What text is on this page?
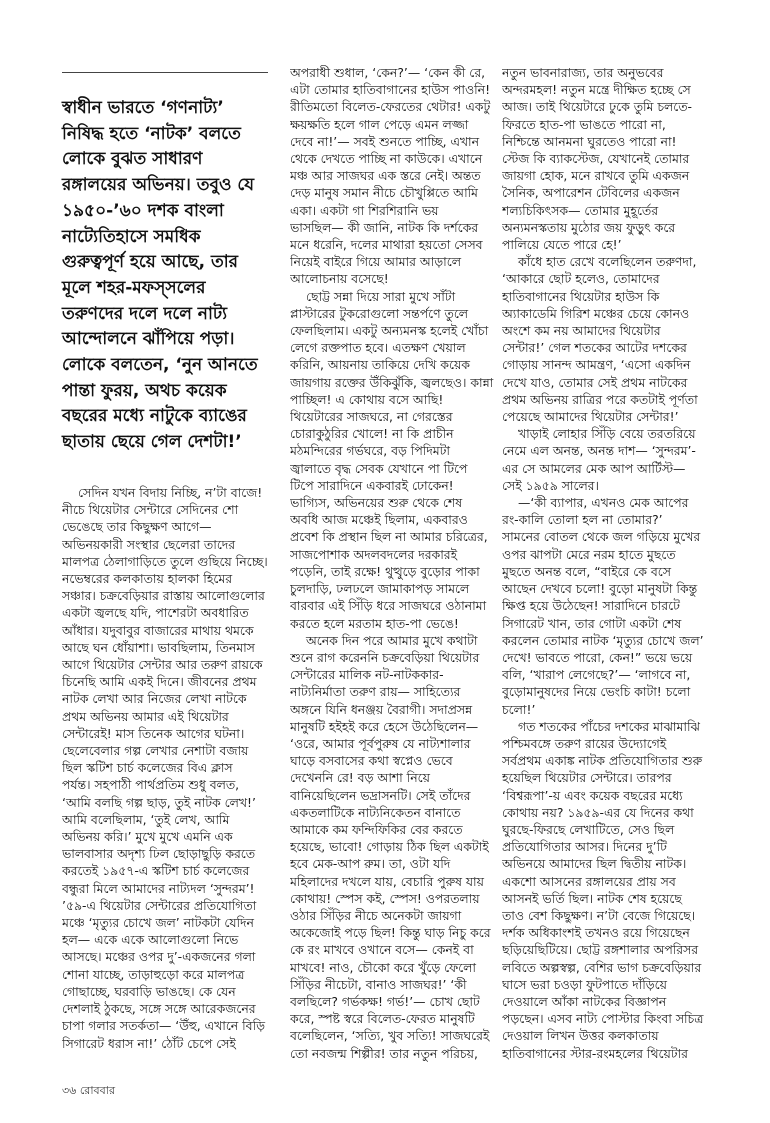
স্বাধীন ভারতে ‘গণনাট্য’
নিষিদ্ধ হতে ‘নাটক’ বলতে
লোকে বুঝত সাধারণ
রঙ্গালয়ের অভিনয়। তবুও যে
১৯৫০-’৬০ দশক বাংলা
নাট্যেতিহাসে সমধিক
গুরুত্বপূর্ণ হয়ে আছে, তার
মূলে শহর-মফস্‌সলের
তরুণদের দলে দলে নাট্য
আন্দোলনে ঝাঁপিয়ে পড়া।
লোকে বলতেন, ‘নুন আনতে
পান্তা ফুরয়, অথচ কয়েক
বছরের মধ্যে নাটুকে ব্যাঙের
ছাতায় ছেয়ে গেল দেশটা!’
সেদিন যখন বিদায় নিচ্ছি, ন’টা বাজে!
নীচে থিয়েটার সেন্টারে সেদিনের শো
ভেঙেছে তার কিছুক্ষণ আগে—
অভিনয়কারী সংস্থার ছেলেরা তাদের
মালপত্র ঠেলাগাড়িতে তুলে গুছিয়ে নিচ্ছে।
নভেম্বরের কলকাতায় হালকা হিমের
সঞ্চার। চক্রবেড়িয়ার রাস্তায় আলোগুলোর
একটা জ্বলছে যদি, পাশেরটা অবধারিত
আঁধার। যদুবাবুর বাজারের মাথায় থমকে
আছে ঘন ধোঁয়াশা। ভাবছিলাম, তিনমাস
আগে থিয়েটার সেন্টার আর তরুণ রায়কে
চিনেছি আমি একই দিনে। জীবনের প্রথম
নাটক লেখা আর নিজের লেখা নাটকে
প্রথম অভিনয় আমার এই থিয়েটার
সেন্টারেই! মাস তিনেক আগের ঘটনা।
ছেলেবেলার গল্প লেখার নেশাটা বজায়
ছিল স্কটিশ চার্চ কলেজের বিএ ক্লাস
পর্যন্ত। সহপাঠী পার্থপ্রতিম শুধু বলত,
‘আমি বলছি গল্প ছাড়, তুই নাটক লেখ!’
আমি বলেছিলাম, ‘তুই লেখ, আমি
অভিনয় করি।’ মুখে মুখে এমনি এক
ভালবাসার অদৃশ্য ঢিল ছোড়াছুড়ি করতে
করতেই ১৯৫৭-এ স্কটিশ চার্চ কলেজের
বন্ধুরা মিলে আমাদের নাট্যদল ‘সুন্দরম’!
’৫৯-এ থিয়েটার সেন্টারের প্রতিযোগিতা
মঞ্চে ‘মৃত্যুর চোখে জল’ নাটকটা যেদিন
হল— একে একে আলোগুলো নিভে
আসছে। মঞ্চের ওপর দু’-একজনের গলা
শোনা যাচ্ছে, তাড়াহুড়ো করে মালপত্র
গোছাচ্ছে, ঘরবাড়ি ভাঙছে। কে যেন
দেশলাই ঠুকছে, সঙ্গে সঙ্গে আরেকজনের
চাপা গলার সতর্কতা— ‘উঁহু, এখানে বিড়ি
সিগারেট ধরাস না!’ ঠোঁট চেপে সেই
অপরাধী শুধাল, ‘কেন?’— ‘কেন কী রে,
এটা তোমার হাতিবাগানের হাউস পাওনি!
রীতিমতো বিলেত-ফেরতের থেটার! একটু
ক্ষয়ক্ষতি হলে গাল পেড়ে এমন লজ্জা
দেবে না!’— সবই শুনতে পাচ্ছি, এখান
থেকে দেখতে পাচ্ছি না কাউকে। এখানে
মঞ্চ আর সাজঘর এক স্তরে নেই। অন্তত
দেড় মানুষ সমান নীচে চৌখুপ্পিতে আমি
একা। একটা গা শিরশিরানি ভয়
ভাসছিল— কী জানি, নাটক কি দর্শকের
মনে ধরেনি, দলের মাথারা হয়তো সেসব
নিয়েই বাইরে গিয়ে আমার আড়ালে
আলোচনায় বসেছে!
ছোট্ট সন্না দিয়ে সারা মুখে সাঁটা
প্লাস্টারের টুকরোগুলো সন্তর্পণে তুলে
ফেলছিলাম। একটু অন্যমনস্ক হলেই খোঁচা
লেগে রক্তপাত হবে। এতক্ষণ খেয়াল
করিনি, আয়নায় তাকিয়ে দেখি কয়েক
জায়গায় রক্তের উঁকিঝুঁকি, জ্বলছেও। কান্না
পাচ্ছিল! এ কোথায় বসে আছি!
থিয়েটারের সাজঘরে, না গেরস্তের
চোরাকুঠুরির খোলে! না কি প্রাচীন
মঠমন্দিরের গর্ভঘরে, বড় পিদিমটা
জ্বালাতে বৃদ্ধ সেবক যেখানে পা টিপে
টিপে সারাদিনে একবারই ঢোকেন!
ভাগ্যিস, অভিনয়ের শুরু থেকে শেষ
অবধি আজ মঞ্চেই ছিলাম, একবারও
প্রবেশ কি প্রস্থান ছিল না আমার চরিত্রের,
সাজপোশাক অদলবদলের দরকারই
পড়েনি, তাই রক্ষে! থুত্থুড়ে বুড়োর পাকা
চুলদাড়ি, ঢলঢলে জামাকাপড় সামলে
বারবার এই সিঁড়ি ধরে সাজঘরে ওঠানামা
করতে হলে মরতাম হাত-পা ভেঙে!
অনেক দিন পরে আমার মুখে কথাটা
শুনে রাগ করেননি চক্রবেড়িয়া থিয়েটার
সেন্টারের মালিক নট-নাটককার-
নাট্যনির্মাতা তরুণ রায়— সাহিত্যের
অঙ্গনে যিনি ধনঞ্জয় বৈরাগী। সদাপ্রসন্ন
মানুষটি হইহই করে হেসে উঠেছিলেন—
‘ওরে, আমার পূর্বপুরুষ যে নাট্যশালার
ঘাড়ে বসবাসের কথা স্বপ্নেও ভেবে
দেখেননি রে! বড় আশা নিয়ে
বানিয়েছিলেন ভদ্রাসনটি। সেই তাঁদের
একতলাটিকে নাট্যনিকেতন বানাতে
আমাকে কম ফন্দিফিকির বের করতে
হয়েছে, ভাবো! গোড়ায় ঠিক ছিল একটাই
হবে মেক-আপ রুম। তা, ওটা যদি
মহিলাদের দখলে যায়, বেচারি পুরুষ যায়
কোথায়! স্পেস কই, স্পেস! ওপরতলায়
ওঠার সিঁড়ির নীচে অনেকটা জায়গা
অকেজোই পড়ে ছিল! কিন্তু ঘাড় নিচু করে
কে রং মাখবে ওখানে বসে— কেনই বা
মাখবে! নাও, চৌকো করে খুঁড়ে ফেলো
সিঁড়ির নীচেটা, বানাও সাজঘর!’ ‘কী
বলছিলে? গর্ভকক্ষ! গর্ভ!’— চোখ ছোট
করে, স্পষ্ট স্বরে বিলেত-ফেরত মানুষটি
বলেছিলেন, ‘সত্যি, খুব সত্যি! সাজঘরেই
তো নবজন্ম শিল্পীর! তার নতুন পরিচয়,
নতুন ভাবনারাজ্য, তার অনুভবের
অন্দরমহল! নতুন মন্ত্রে দীক্ষিত হচ্ছে সে
আজ। তাই থিয়েটারে ঢুকে তুমি চলতে-
ফিরতে হাত-পা ভাঙতে পারো না,
নিশ্চিন্তে আনমনা ঘুরতেও পারো না!
স্টেজ কি ব্যাকস্টেজ, যেখানেই তোমার
জায়গা হোক, মনে রাখবে তুমি একজন
সৈনিক, অপারেশন টেবিলের একজন
শল্যচিকিৎসক— তোমার মুহূর্তের
অন্যমনস্কতায় মুঠোর জয় ফুড়ুৎ করে
পালিয়ে যেতে পারে হে!’
কাঁধে হাত রেখে বলেছিলেন তরুণদা,
‘আকারে ছোট হলেও, তোমাদের
হাতিবাগানের থিয়েটার হাউস কি
অ্যাকাডেমি গিরিশ মঞ্চের চেয়ে কোনও
অংশে কম নয় আমাদের থিয়েটার
সেন্টার!’ গেল শতকের আটের দশকের
গোড়ায় সানন্দ আমন্ত্রণ, ‘এসো একদিন
দেখে যাও, তোমার সেই প্রথম নাটকের
প্রথম অভিনয় রাত্রির পরে কতটাই পূর্ণতা
পেয়েছে আমাদের থিয়েটার সেন্টার!’
খাড়াই লোহার সিঁড়ি বেয়ে তরতরিয়ে
নেমে এল অনন্ত, অনন্ত দাশ— ‘সুন্দরম’-
এর সে আমলের মেক আপ আর্টিস্ট—
সেই ১৯৫৯ সালের।
—‘কী ব্যাপার, এখনও মেক আপের
রং-কালি তোলা হল না তোমার?’
সামনের বোতল থেকে জল গড়িয়ে মুখের
ওপর ঝাপটা মেরে নরম হাতে মুছতে
মুছতে অনন্ত বলে, “বাইরে কে বসে
আছেন দেখবে চলো! বুড়ো মানুষটা কিন্তু
ক্ষিপ্ত হয়ে উঠেছেন! সারাদিনে চারটে
সিগারেট খান, তার গোটা একটা শেষ
করলেন তোমার নাটক ‘মৃত্যুর চোখে জল’
দেখে! ভাবতে পারো, কেন!” ভয়ে ভয়ে
বলি, ‘খারাপ লেগেছে?’— ‘লাগবে না,
বুড়োমানুষদের নিয়ে ভেংচি কাটা! চলো
চলো!’
গত শতকের পাঁচের দশকের মাঝামাঝি
পশ্চিমবঙ্গে তরুণ রায়ের উদ্যোগেই
সর্বপ্রথম একাঙ্ক নাটক প্রতিযোগিতার শুরু
হয়েছিল থিয়েটার সেন্টারে। তারপর
‘বিশ্বরূপা’-য় এবং কয়েক বছরের মধ্যে
কোথায় নয়? ১৯৫৯-এর যে দিনের কথা
ঘুরছে-ফিরছে লেখাটিতে, সেও ছিল
প্রতিযোগিতার আসর। দিনের দু’টি
অভিনয়ে আমাদের ছিল দ্বিতীয় নাটক।
একশো আসনের রঙ্গালয়ের প্রায় সব
আসনই ভর্তি ছিল। নাটক শেষ হয়েছে
তাও বেশ কিছুক্ষণ। ন’টা বেজে গিয়েছে।
দর্শক অধিকাংশই তখনও রয়ে গিয়েছেন
ছড়িয়েছিটিয়ে। ছোট্ট রঙ্গশালার অপরিসর
লবিতে অল্পস্বল্প, বেশির ভাগ চক্রবেড়িয়ার
ঘাসে ভরা চওড়া ফুটপাতে দাঁড়িয়ে
দেওয়ালে আঁকা নাটকের বিজ্ঞাপন
পড়ছেন। এসব নাট্য পোস্টার কিংবা সচিত্র
দেওয়াল লিখন উত্তর কলকাতায়
হাতিবাগানের স্টার-রংমহলের থিয়েটার
৩৬ রোববার
